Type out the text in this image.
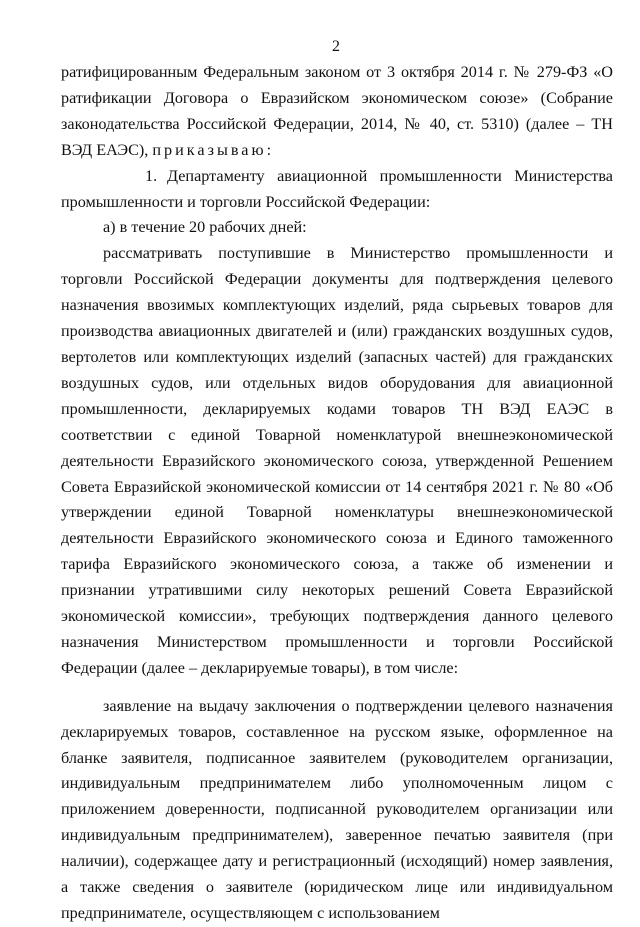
2

ратифицированным Федеральным законом от 3 октября 2014 г. № 279-ФЗ «О ратификации Договора о Евразийском экономическом союзе» (Собрание законодательства Российской Федерации, 2014, № 40, ст. 5310) (далее – ТН ВЭД ЕАЭС), приказываю:

1. Департаменту авиационной промышленности Министерства промышленности и торговли Российской Федерации:

а) в течение 20 рабочих дней:

рассматривать поступившие в Министерство промышленности и торговли Российской Федерации документы для подтверждения целевого назначения ввозимых комплектующих изделий, ряда сырьевых товаров для производства авиационных двигателей и (или) гражданских воздушных судов, вертолетов или комплектующих изделий (запасных частей) для гражданских воздушных судов, или отдельных видов оборудования для авиационной промышленности, декларируемых кодами товаров ТН ВЭД ЕАЭС в соответствии с единой Товарной номенклатурой внешнеэкономической деятельности Евразийского экономического союза, утвержденной Решением Совета Евразийской экономической комиссии от 14 сентября 2021 г. № 80 «Об утверждении единой Товарной номенклатуры внешнеэкономической деятельности Евразийского экономического союза и Единого таможенного тарифа Евразийского экономического союза, а также об изменении и признании утратившими силу некоторых решений Совета Евразийской экономической комиссии», требующих подтверждения данного целевого назначения Министерством промышленности и торговли Российской Федерации (далее – декларируемые товары), в том числе:

заявление на выдачу заключения о подтверждении целевого назначения декларируемых товаров, составленное на русском языке, оформленное на бланке заявителя, подписанное заявителем (руководителем организации, индивидуальным предпринимателем либо уполномоченным лицом с приложением доверенности, подписанной руководителем организации или индивидуальным предпринимателем), заверенное печатью заявителя (при наличии), содержащее дату и регистрационный (исходящий) номер заявления, а также сведения о заявителе (юридическом лице или индивидуальном предпринимателе, осуществляющем с использованием
